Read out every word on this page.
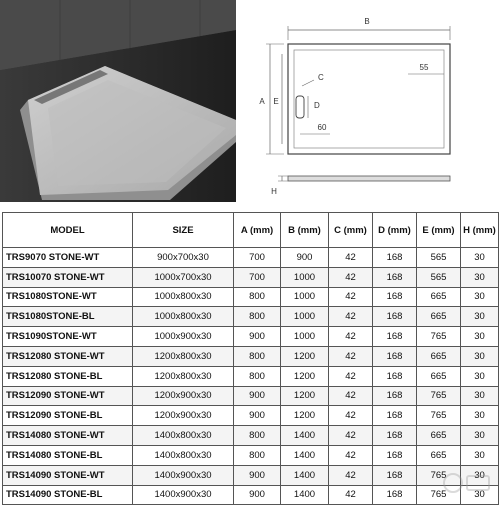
B
A E
C
D
55
60
H
MODEL	SIZE	A (mm)	B (mm)	C (mm)	D (mm)	E (mm)	H (mm)
TRS9070 STONE-WT	900x700x30	700	900	42	168	565	30
TRS10070 STONE-WT	1000x700x30	700	1000	42	168	565	30
TRS1080STONE-WT	1000x800x30	800	1000	42	168	665	30
TRS1080STONE-BL	1000x800x30	800	1000	42	168	665	30
TRS1090STONE-WT	1000x900x30	900	1000	42	168	765	30
TRS12080 STONE-WT	1200x800x30	800	1200	42	168	665	30
TRS12080 STONE-BL	1200x800x30	800	1200	42	168	665	30
TRS12090 STONE-WT	1200x900x30	900	1200	42	168	765	30
TRS12090 STONE-BL	1200x900x30	900	1200	42	168	765	30
TRS14080 STONE-WT	1400x800x30	800	1400	42	168	665	30
TRS14080 STONE-BL	1400x800x30	800	1400	42	168	665	30
TRS14090 STONE-WT	1400x900x30	900	1400	42	168	765	30
TRS14090 STONE-BL	1400x900x30	900	1400	42	168	765	30
